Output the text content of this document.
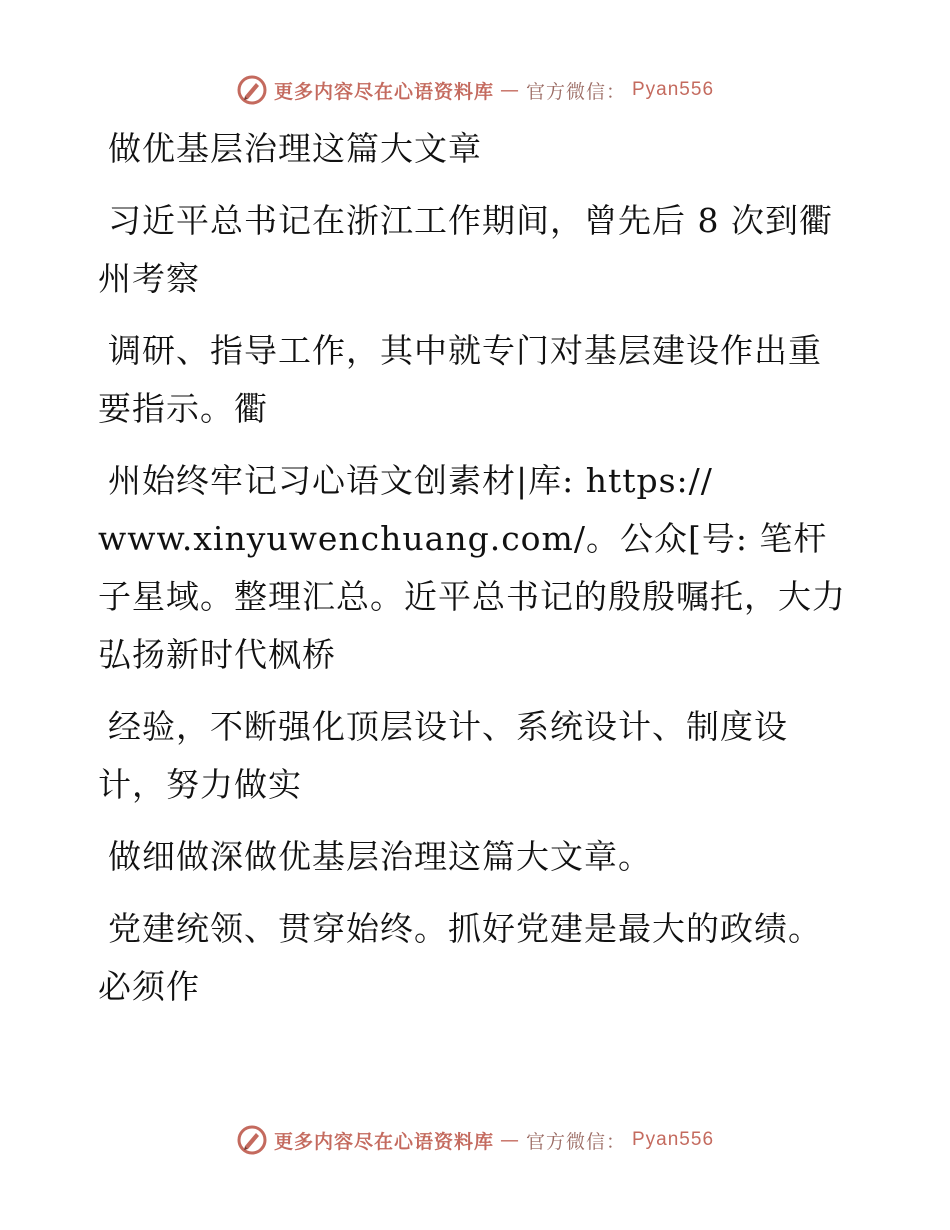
更多内容尽在心语资料库 — 官方微信： Pyan556

做优基层治理这篇大文章

习近平总书记在浙江工作期间，曾先后 8 次到衢
州考察

调研、指导工作，其中就专门对基层建设作出重
要指示。衢

州始终牢记习心语文创素材|库: https://
www.xinyuwenchuang.com/。公众[号: 笔杆子星域。整理汇总。近平总书记的殷殷嘱托，大力弘扬新时代枫桥

经验，不断强化顶层设计、系统设计、制度设
计，努力做实

做细做深做优基层治理这篇大文章。

党建统领、贯穿始终。抓好党建是最大的政绩。
必须作

更多内容尽在心语资料库 — 官方微信： Pyan556
